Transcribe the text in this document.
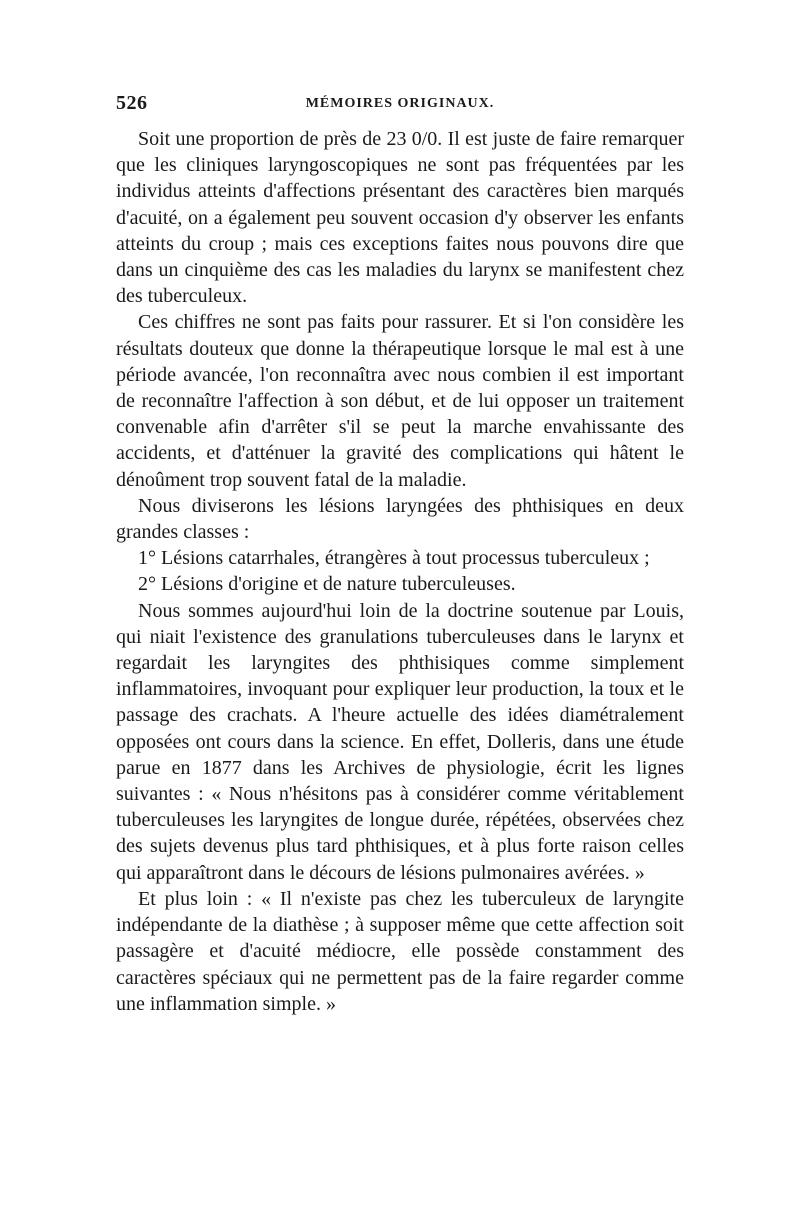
526	MÉMOIRES ORIGINAUX.

Soit une proportion de près de 23 0/0. Il est juste de faire remarquer que les cliniques laryngoscopiques ne sont pas fréquentées par les individus atteints d'affections présentant des caractères bien marqués d'acuité, on a également peu souvent occasion d'y observer les enfants atteints du croup ; mais ces exceptions faites nous pouvons dire que dans un cinquième des cas les maladies du larynx se manifestent chez des tuberculeux.

Ces chiffres ne sont pas faits pour rassurer. Et si l'on considère les résultats douteux que donne la thérapeutique lorsque le mal est à une période avancée, l'on reconnaîtra avec nous combien il est important de reconnaître l'affection à son début, et de lui opposer un traitement convenable afin d'arrêter s'il se peut la marche envahissante des accidents, et d'atténuer la gravité des complications qui hâtent le dénoûment trop souvent fatal de la maladie.

Nous diviserons les lésions laryngées des phthisiques en deux grandes classes :

1° Lésions catarrhales, étrangères à tout processus tuberculeux ;

2° Lésions d'origine et de nature tuberculeuses.

Nous sommes aujourd'hui loin de la doctrine soutenue par Louis, qui niait l'existence des granulations tuberculeuses dans le larynx et regardait les laryngites des phthisiques comme simplement inflammatoires, invoquant pour expliquer leur production, la toux et le passage des crachats. A l'heure actuelle des idées diamétralement opposées ont cours dans la science. En effet, Dolleris, dans une étude parue en 1877 dans les Archives de physiologie, écrit les lignes suivantes : « Nous n'hésitons pas à considérer comme véritablement tuberculeuses les laryngites de longue durée, répétées, observées chez des sujets devenus plus tard phthisiques, et à plus forte raison celles qui apparaîtront dans le décours de lésions pulmonaires avérées. »

Et plus loin : « Il n'existe pas chez les tuberculeux de laryngite indépendante de la diathèse ; à supposer même que cette affection soit passagère et d'acuité médiocre, elle possède constamment des caractères spéciaux qui ne permettent pas de la faire regarder comme une inflammation simple. »
